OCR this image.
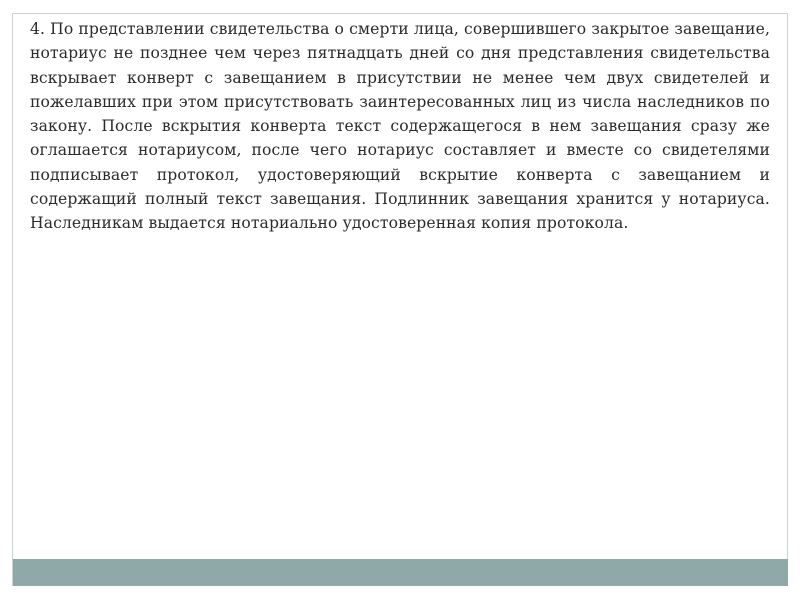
4. По представлении свидетельства о смерти лица, совершившего закрытое завещание, нотариус не позднее чем через пятнадцать дней со дня представления свидетельства вскрывает конверт с завещанием в присутствии не менее чем двух свидетелей и пожелавших при этом присутствовать заинтересованных лиц из числа наследников по закону. После вскрытия конверта текст содержащегося в нем завещания сразу же оглашается нотариусом, после чего нотариус составляет и вместе со свидетелями подписывает протокол, удостоверяющий вскрытие конверта с завещанием и содержащий полный текст завещания. Подлинник завещания хранится у нотариуса. Наследникам выдается нотариально удостоверенная копия протокола.
